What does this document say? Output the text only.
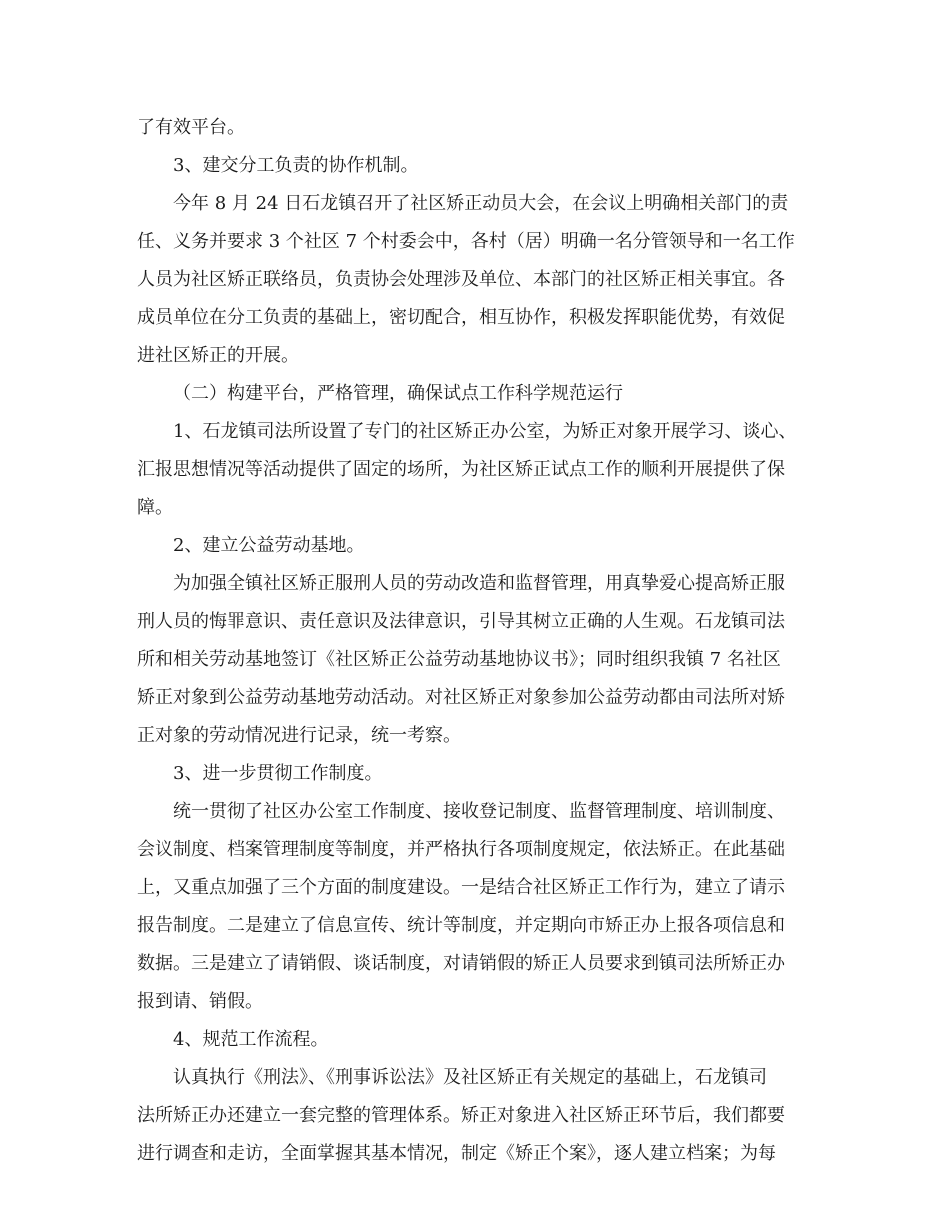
了有效平台。

3、建交分工负责的协作机制。

今年 8 月 24 日石龙镇召开了社区矫正动员大会，在会议上明确相关部门的责

任、义务并要求 3 个社区 7 个村委会中，各村（居）明确一名分管领导和一名工作

人员为社区矫正联络员，负责协会处理涉及单位、本部门的社区矫正相关事宜。各

成员单位在分工负责的基础上，密切配合，相互协作，积极发挥职能优势，有效促

进社区矫正的开展。

（二）构建平台，严格管理，确保试点工作科学规范运行

1、石龙镇司法所设置了专门的社区矫正办公室，为矫正对象开展学习、谈心、

汇报思想情况等活动提供了固定的场所，为社区矫正试点工作的顺利开展提供了保

障。

2、建立公益劳动基地。

为加强全镇社区矫正服刑人员的劳动改造和监督管理，用真挚爱心提高矫正服

刑人员的悔罪意识、责任意识及法律意识，引导其树立正确的人生观。石龙镇司法

所和相关劳动基地签订《社区矫正公益劳动基地协议书》；同时组织我镇 7 名社区

矫正对象到公益劳动基地劳动活动。对社区矫正对象参加公益劳动都由司法所对矫

正对象的劳动情况进行记录，统一考察。

3、进一步贯彻工作制度。

统一贯彻了社区办公室工作制度、接收登记制度、监督管理制度、培训制度、

会议制度、档案管理制度等制度，并严格执行各项制度规定，依法矫正。在此基础

上，又重点加强了三个方面的制度建设。一是结合社区矫正工作行为，建立了请示

报告制度。二是建立了信息宣传、统计等制度，并定期向市矫正办上报各项信息和

数据。三是建立了请销假、谈话制度，对请销假的矫正人员要求到镇司法所矫正办

报到请、销假。

4、规范工作流程。

认真执行《刑法》、《刑事诉讼法》及社区矫正有关规定的基础上，石龙镇司

法所矫正办还建立一套完整的管理体系。矫正对象进入社区矫正环节后，我们都要

进行调查和走访，全面掌握其基本情况，制定《矫正个案》，逐人建立档案；为每
